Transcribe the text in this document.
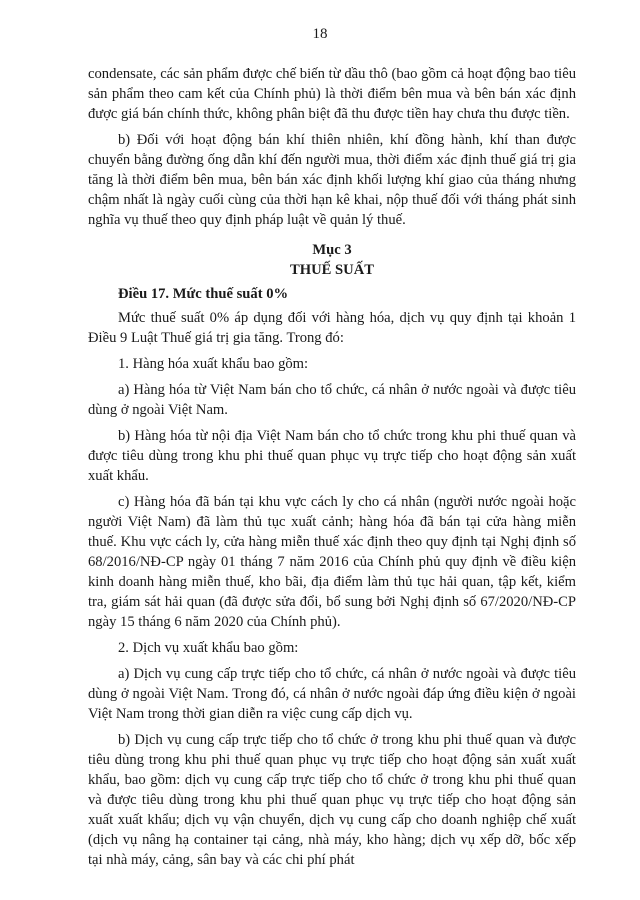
18

condensate, các sản phẩm được chế biến từ dầu thô (bao gồm cả hoạt động bao tiêu sản phẩm theo cam kết của Chính phủ) là thời điểm bên mua và bên bán xác định được giá bán chính thức, không phân biệt đã thu được tiền hay chưa thu được tiền.

b) Đối với hoạt động bán khí thiên nhiên, khí đồng hành, khí than được chuyển bằng đường ống dẫn khí đến người mua, thời điểm xác định thuế giá trị gia tăng là thời điểm bên mua, bên bán xác định khối lượng khí giao của tháng nhưng chậm nhất là ngày cuối cùng của thời hạn kê khai, nộp thuế đối với tháng phát sinh nghĩa vụ thuế theo quy định pháp luật về quản lý thuế.

Mục 3
THUẾ SUẤT

Điều 17. Mức thuế suất 0%

Mức thuế suất 0% áp dụng đối với hàng hóa, dịch vụ quy định tại khoản 1 Điều 9 Luật Thuế giá trị gia tăng. Trong đó:

1. Hàng hóa xuất khẩu bao gồm:

a) Hàng hóa từ Việt Nam bán cho tổ chức, cá nhân ở nước ngoài và được tiêu dùng ở ngoài Việt Nam.

b) Hàng hóa từ nội địa Việt Nam bán cho tổ chức trong khu phi thuế quan và được tiêu dùng trong khu phi thuế quan phục vụ trực tiếp cho hoạt động sản xuất xuất khẩu.

c) Hàng hóa đã bán tại khu vực cách ly cho cá nhân (người nước ngoài hoặc người Việt Nam) đã làm thủ tục xuất cảnh; hàng hóa đã bán tại cửa hàng miễn thuế. Khu vực cách ly, cửa hàng miễn thuế xác định theo quy định tại Nghị định số 68/2016/NĐ-CP ngày 01 tháng 7 năm 2016 của Chính phủ quy định về điều kiện kinh doanh hàng miễn thuế, kho bãi, địa điểm làm thủ tục hải quan, tập kết, kiểm tra, giám sát hải quan (đã được sửa đổi, bổ sung bởi Nghị định số 67/2020/NĐ-CP ngày 15 tháng 6 năm 2020 của Chính phủ).

2. Dịch vụ xuất khẩu bao gồm:

a) Dịch vụ cung cấp trực tiếp cho tổ chức, cá nhân ở nước ngoài và được tiêu dùng ở ngoài Việt Nam. Trong đó, cá nhân ở nước ngoài đáp ứng điều kiện ở ngoài Việt Nam trong thời gian diễn ra việc cung cấp dịch vụ.

b) Dịch vụ cung cấp trực tiếp cho tổ chức ở trong khu phi thuế quan và được tiêu dùng trong khu phi thuế quan phục vụ trực tiếp cho hoạt động sản xuất xuất khẩu, bao gồm: dịch vụ cung cấp trực tiếp cho tổ chức ở trong khu phi thuế quan và được tiêu dùng trong khu phi thuế quan phục vụ trực tiếp cho hoạt động sản xuất xuất khẩu; dịch vụ vận chuyển, dịch vụ cung cấp cho doanh nghiệp chế xuất (dịch vụ nâng hạ container tại cảng, nhà máy, kho hàng; dịch vụ xếp dỡ, bốc xếp tại nhà máy, cảng, sân bay và các chi phí phát
